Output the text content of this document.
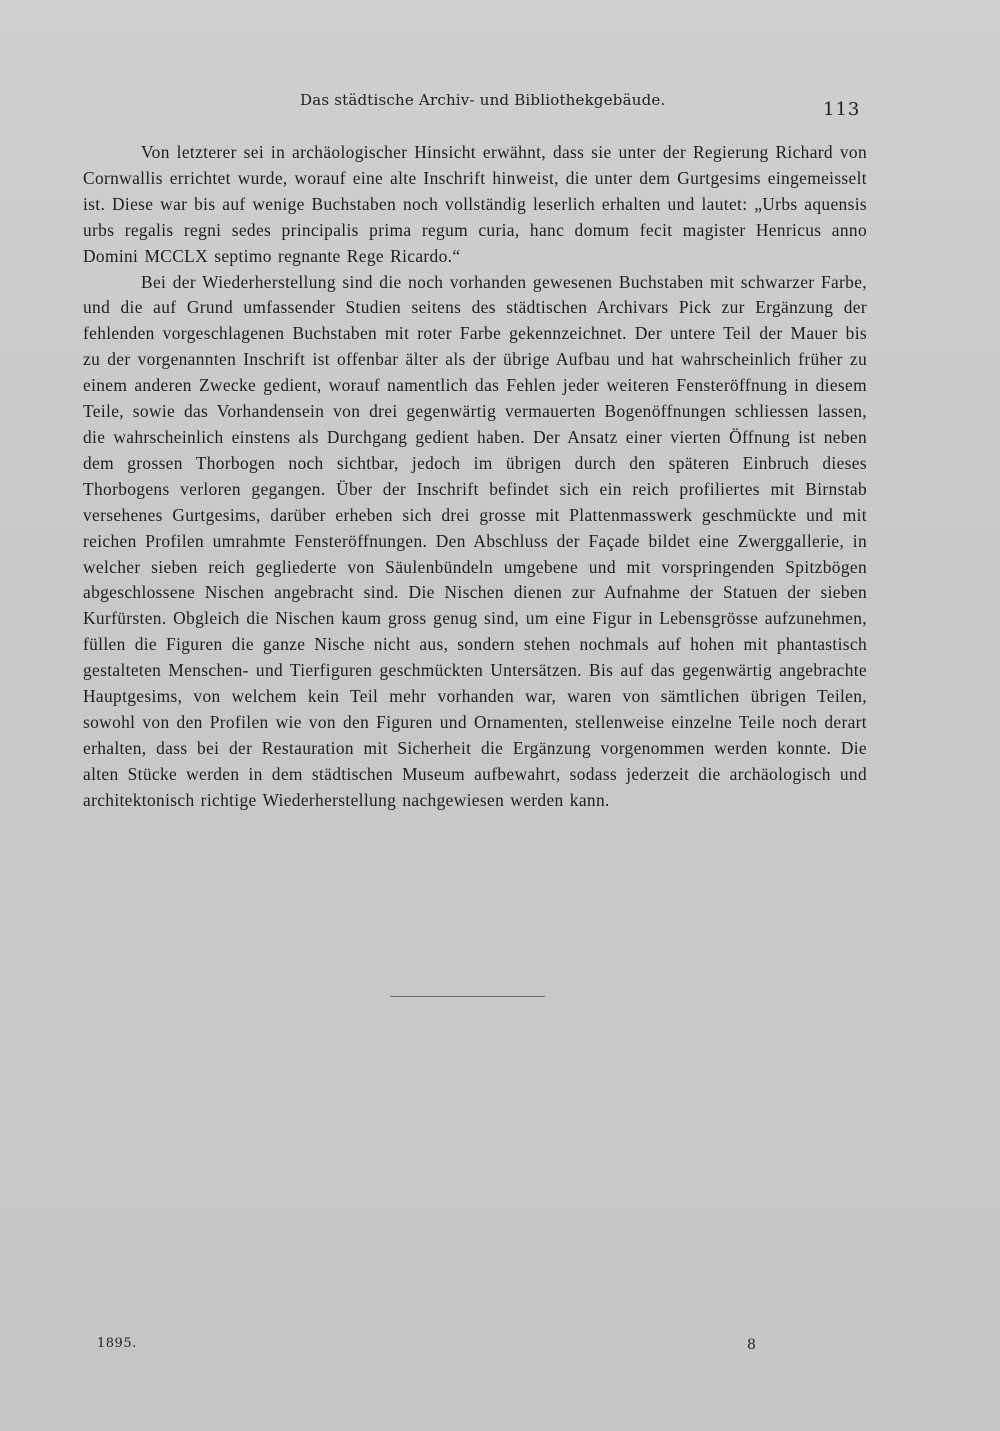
Das städtische Archiv- und Bibliothekgebäude.	113

Von letzterer sei in archäologischer Hinsicht erwähnt, dass sie unter der Regierung Richard von Cornwallis errichtet wurde, worauf eine alte Inschrift hinweist, die unter dem Gurtgesims eingemeisselt ist. Diese war bis auf wenige Buchstaben noch vollständig leserlich erhalten und lautet: „Urbs aquensis urbs regalis regni sedes principalis prima regum curia, hanc domum fecit magister Henricus anno Domini MCCLX septimo regnante Rege Ricardo.“

Bei der Wiederherstellung sind die noch vorhanden gewesenen Buchstaben mit schwarzer Farbe, und die auf Grund umfassender Studien seitens des städtischen Archivars Pick zur Ergänzung der fehlenden vorgeschlagenen Buchstaben mit roter Farbe gekennzeichnet. Der untere Teil der Mauer bis zu der vorgenannten Inschrift ist offenbar älter als der übrige Aufbau und hat wahrscheinlich früher zu einem anderen Zwecke gedient, worauf namentlich das Fehlen jeder weiteren Fensteröffnung in diesem Teile, sowie das Vorhandensein von drei gegenwärtig vermauerten Bogenöffnungen schliessen lassen, die wahrscheinlich einstens als Durchgang gedient haben. Der Ansatz einer vierten Öffnung ist neben dem grossen Thorbogen noch sichtbar, jedoch im übrigen durch den späteren Einbruch dieses Thorbogens verloren gegangen. Über der Inschrift befindet sich ein reich profiliertes mit Birnstab versehenes Gurtgesims, darüber erheben sich drei grosse mit Plattenmasswerk geschmückte und mit reichen Profilen umrahmte Fensteröffnungen. Den Abschluss der Façade bildet eine Zwerggallerie, in welcher sieben reich gegliederte von Säulenbündeln umgebene und mit vorspringenden Spitzbögen abgeschlossene Nischen angebracht sind. Die Nischen dienen zur Aufnahme der Statuen der sieben Kurfürsten. Obgleich die Nischen kaum gross genug sind, um eine Figur in Lebensgrösse aufzunehmen, füllen die Figuren die ganze Nische nicht aus, sondern stehen nochmals auf hohen mit phantastisch gestalteten Menschen- und Tierfiguren geschmückten Untersätzen. Bis auf das gegenwärtig angebrachte Hauptgesims, von welchem kein Teil mehr vorhanden war, waren von sämtlichen übrigen Teilen, sowohl von den Profilen wie von den Figuren und Ornamenten, stellenweise einzelne Teile noch derart erhalten, dass bei der Restauration mit Sicherheit die Ergänzung vorgenommen werden konnte. Die alten Stücke werden in dem städtischen Museum aufbewahrt, sodass jederzeit die archäologisch und architektonisch richtige Wiederherstellung nachgewiesen werden kann.

1895.	8
